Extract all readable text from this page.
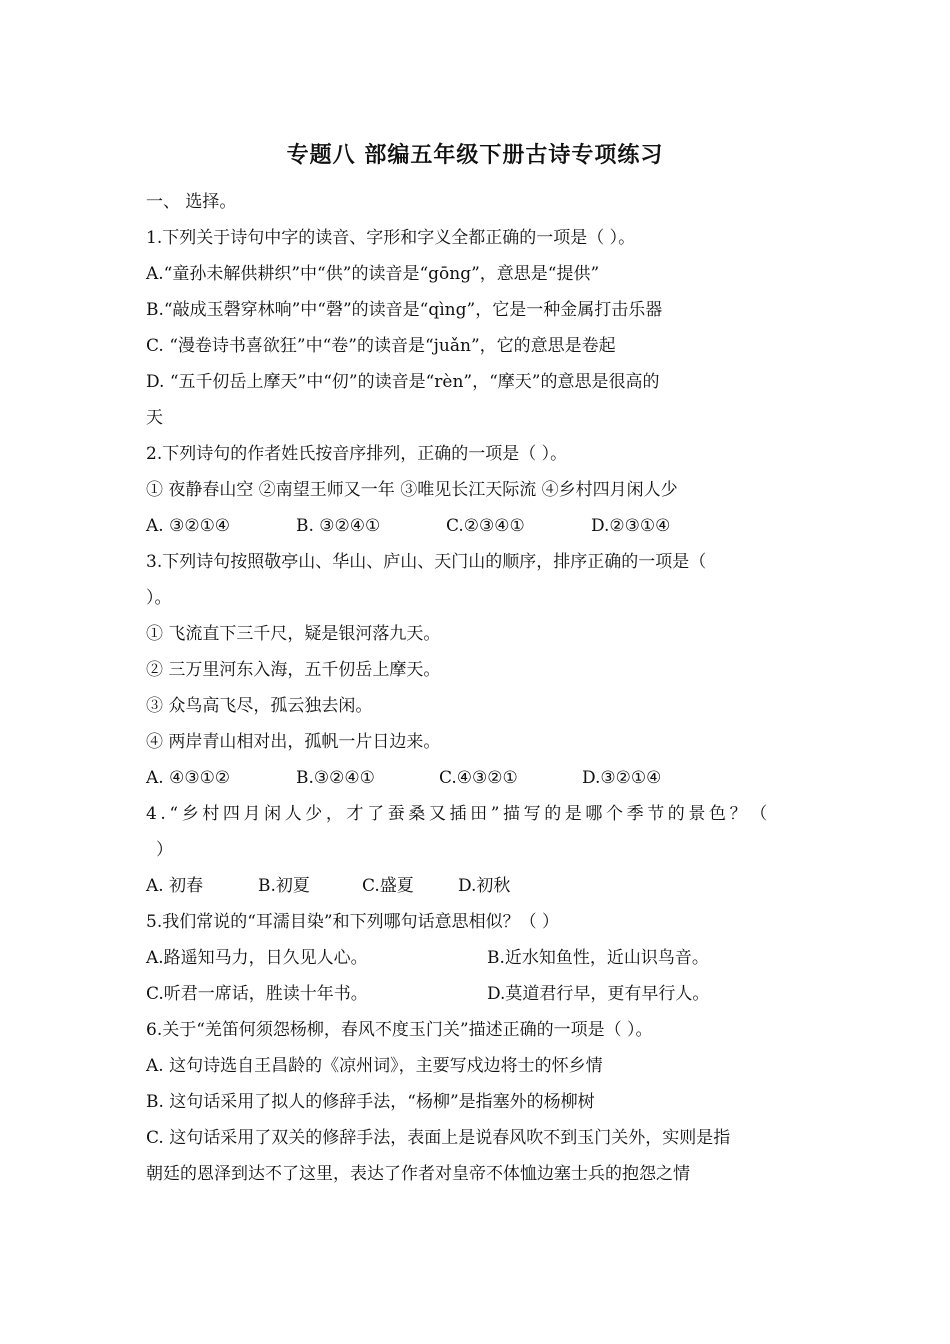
专题八 部编五年级下册古诗专项练习
一、 选择。
1.下列关于诗句中字的读音、字形和字义全都正确的一项是（ ）。
A.“童孙未解供耕织”中“供”的读音是“gōng”，意思是“提供”
B.“敲成玉磬穿林响”中“磬”的读音是“qìng”，它是一种金属打击乐器
C. “漫卷诗书喜欲狂”中“卷”的读音是“juǎn”，它的意思是卷起
D. “五千仞岳上摩天”中“仞”的读音是“rèn”，“摩天”的意思是很高的
天
2.下列诗句的作者姓氏按音序排列，正确的一项是（ ）。
① 夜静春山空 ②南望王师又一年 ③唯见长江天际流 ④乡村四月闲人少
A. ③②①④	B. ③②④①	C.②③④①	D.②③①④
3.下列诗句按照敬亭山、华山、庐山、天门山的顺序，排序正确的一项是（
）。
① 飞流直下三千尺，疑是银河落九天。
② 三万里河东入海，五千仞岳上摩天。
③ 众鸟高飞尽，孤云独去闲。
④ 两岸青山相对出，孤帆一片日边来。
A. ④③①②	B.③②④①	C.④③②①	D.③②①④
4.“乡村四月闲人少，才了蚕桑又插田”描写的是哪个季节的景色？（
）
A. 初春	B.初夏	C.盛夏	D.初秋
5.我们常说的“耳濡目染”和下列哪句话意思相似？（ ）
A.路遥知马力，日久见人心。	B.近水知鱼性，近山识鸟音。
C.听君一席话，胜读十年书。	D.莫道君行早，更有早行人。
6.关于“羌笛何须怨杨柳，春风不度玉门关”描述正确的一项是（ ）。
A. 这句诗选自王昌龄的《凉州词》，主要写戍边将士的怀乡情
B. 这句话采用了拟人的修辞手法，“杨柳”是指塞外的杨柳树
C. 这句话采用了双关的修辞手法，表面上是说春风吹不到玉门关外，实则是指
朝廷的恩泽到达不了这里，表达了作者对皇帝不体恤边塞士兵的抱怨之情
